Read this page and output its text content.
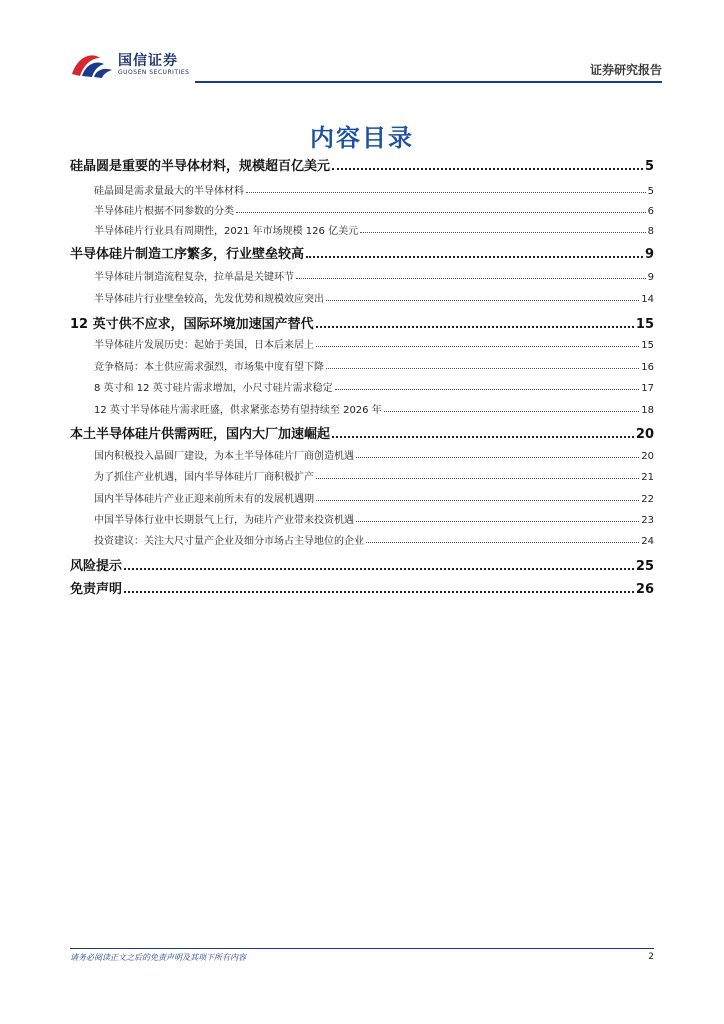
国信证券
GUOSEN SECURITIES	证券研究报告
内容目录
硅晶圆是重要的半导体材料，规模超百亿美元	5
硅晶圆是需求量最大的半导体材料	5
半导体硅片根据不同参数的分类	6
半导体硅片行业具有周期性，2021 年市场规模 126 亿美元	8
半导体硅片制造工序繁多，行业壁垒较高	9
半导体硅片制造流程复杂，拉单晶是关键环节	9
半导体硅片行业壁垒较高，先发优势和规模效应突出	14
12 英寸供不应求，国际环境加速国产替代	15
半导体硅片发展历史：起始于美国，日本后来居上	15
竞争格局：本土供应需求强烈，市场集中度有望下降	16
8 英寸和 12 英寸硅片需求增加，小尺寸硅片需求稳定	17
12 英寸半导体硅片需求旺盛，供求紧张态势有望持续至 2026 年	18
本土半导体硅片供需两旺，国内大厂加速崛起	20
国内积极投入晶圆厂建设，为本土半导体硅片厂商创造机遇	20
为了抓住产业机遇，国内半导体硅片厂商积极扩产	21
国内半导体硅片产业正迎来前所未有的发展机遇期	22
中国半导体行业中长期景气上行，为硅片产业带来投资机遇	23
投资建议：关注大尺寸量产企业及细分市场占主导地位的企业	24
风险提示	25
免责声明	26
请务必阅读正文之后的免责声明及其项下所有内容	2
